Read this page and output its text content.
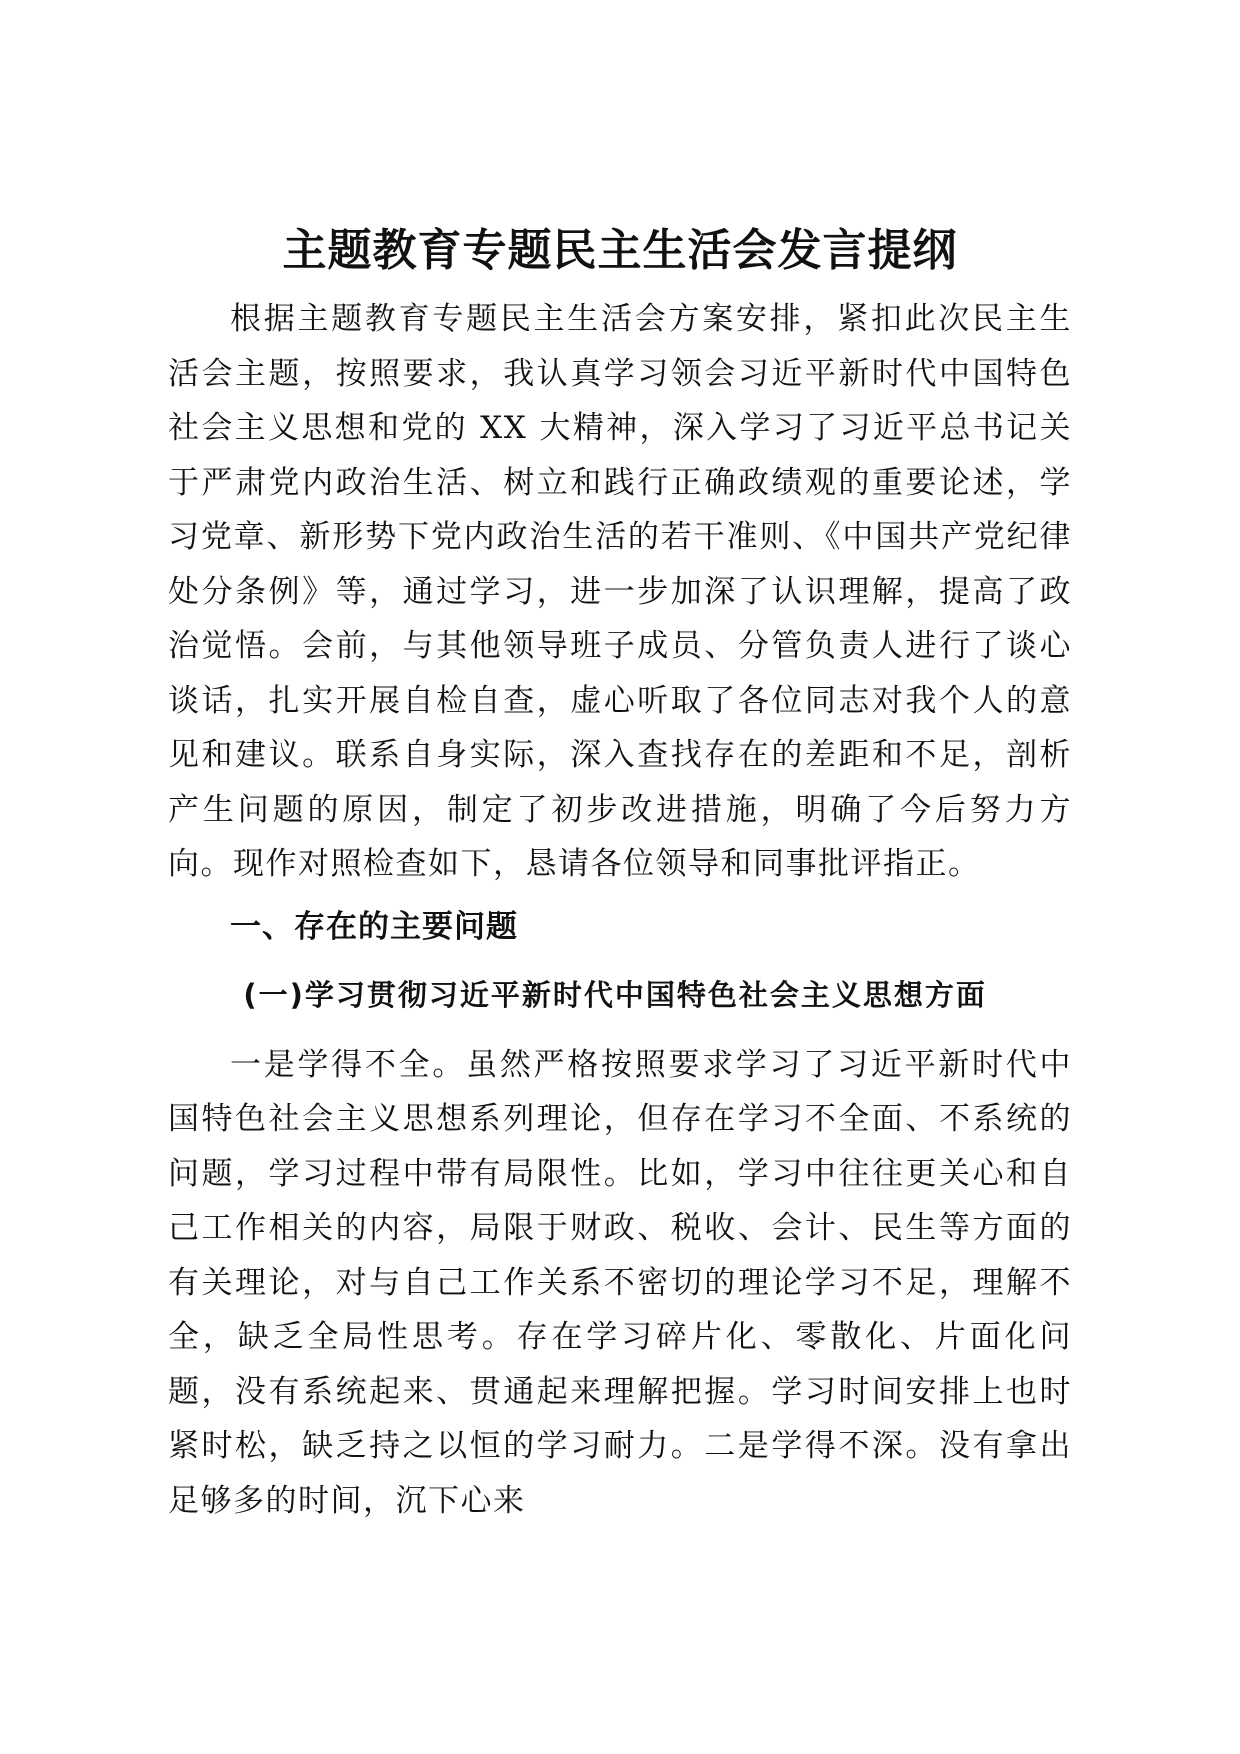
主题教育专题民主生活会发言提纲

根据主题教育专题民主生活会方案安排，紧扣此次民主生活会主题，按照要求，我认真学习领会习近平新时代中国特色社会主义思想和党的 XX 大精神，深入学习了习近平总书记关于严肃党内政治生活、树立和践行正确政绩观的重要论述，学习党章、新形势下党内政治生活的若干准则、《中国共产党纪律处分条例》等，通过学习，进一步加深了认识理解，提高了政治觉悟。会前，与其他领导班子成员、分管负责人进行了谈心谈话，扎实开展自检自查，虚心听取了各位同志对我个人的意见和建议。联系自身实际，深入查找存在的差距和不足，剖析产生问题的原因，制定了初步改进措施，明确了今后努力方向。现作对照检查如下，恳请各位领导和同事批评指正。

一、存在的主要问题
(一)学习贯彻习近平新时代中国特色社会主义思想方面

一是学得不全。虽然严格按照要求学习了习近平新时代中国特色社会主义思想系列理论，但存在学习不全面、不系统的问题，学习过程中带有局限性。比如，学习中往往更关心和自己工作相关的内容，局限于财政、税收、会计、民生等方面的有关理论，对与自己工作关系不密切的理论学习不足，理解不全，缺乏全局性思考。存在学习碎片化、零散化、片面化问题，没有系统起来、贯通起来理解把握。学习时间安排上也时紧时松，缺乏持之以恒的学习耐力。二是学得不深。没有拿出足够多的时间，沉下心来
